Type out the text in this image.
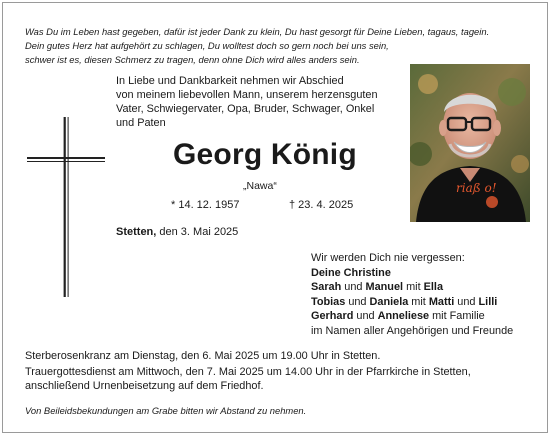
Was Du im Leben hast gegeben, dafür ist jeder Dank zu klein, Du hast gesorgt für Deine Lieben, tagaus, tagein.
Dein gutes Herz hat aufgehört zu schlagen, Du wolltest doch so gern noch bei uns sein,
schwer ist es, diesen Schmerz zu tragen, denn ohne Dich wird alles anders sein.
In Liebe und Dankbarkeit nehmen wir Abschied
von meinem liebevollen Mann, unserem herzensguten
Vater, Schwiegervater, Opa, Bruder, Schwager, Onkel
und Paten
Georg König
„Nawa“
* 14. 12. 1957	† 23. 4. 2025
Stetten, den 3. Mai 2025
Wir werden Dich nie vergessen:
Deine Christine
Sarah und Manuel mit Ella
Tobias und Daniela mit Matti und Lilli
Gerhard und Anneliese mit Familie
im Namen aller Angehörigen und Freunde
riaß o!
Sterberosenkranz am Dienstag, den 6. Mai 2025 um 19.00 Uhr in Stetten.
Trauergottesdienst am Mittwoch, den 7. Mai 2025 um 14.00 Uhr in der Pfarrkirche in Stetten,
anschließend Urnenbeisetzung auf dem Friedhof.
Von Beileidsbekundungen am Grabe bitten wir Abstand zu nehmen.
